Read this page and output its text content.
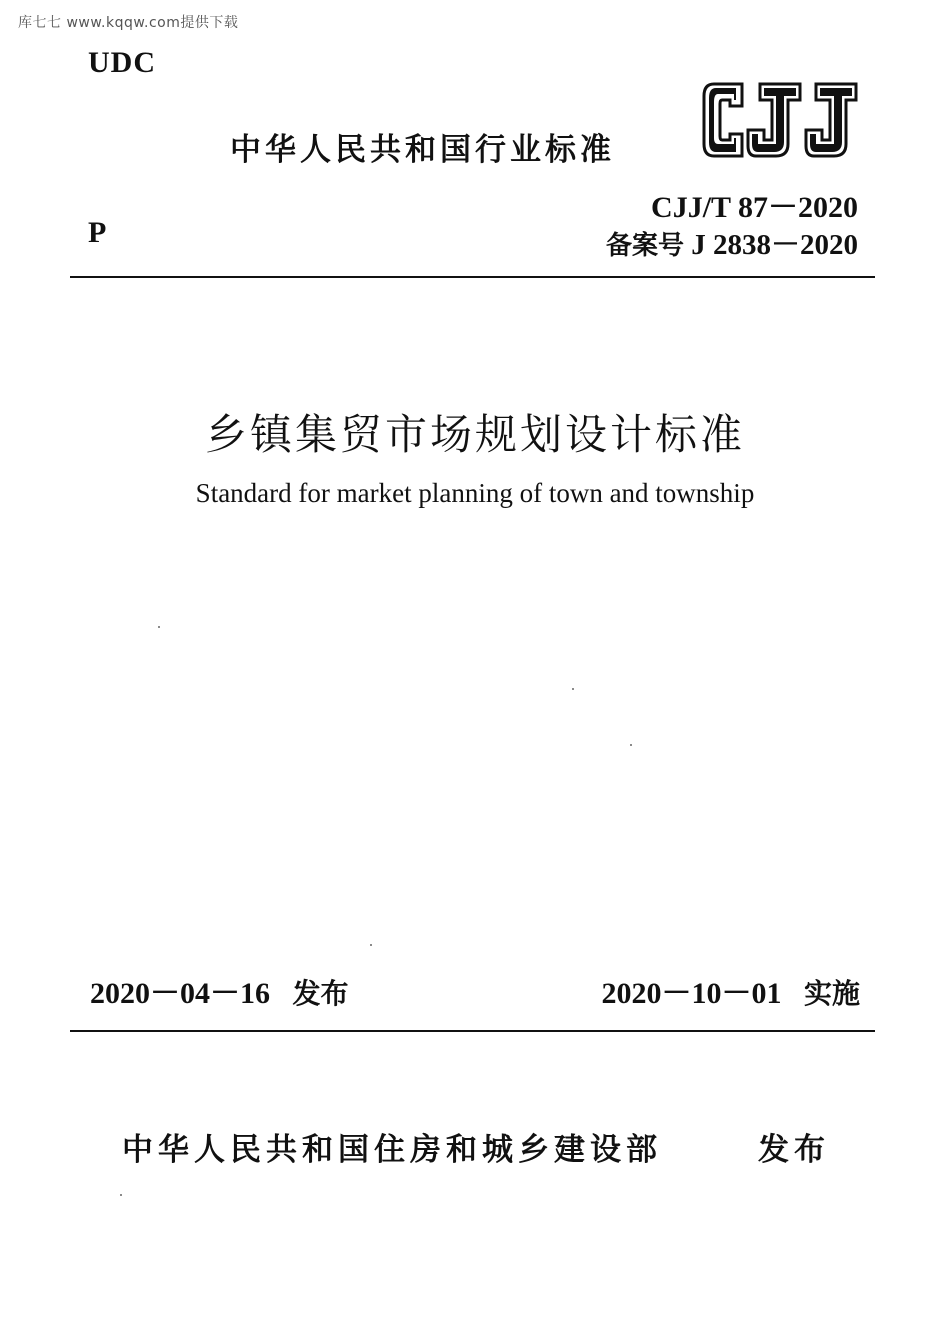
库七七 www.kqqw.com提供下载
UDC
中华人民共和国行业标准
CJJ
CJJ/T 87－2020
P	备案号 J 2838－2020
乡镇集贸市场规划设计标准
Standard for market planning of town and township
2020－04－16 发布	2020－10－01 实施
中华人民共和国住房和城乡建设部	发布
